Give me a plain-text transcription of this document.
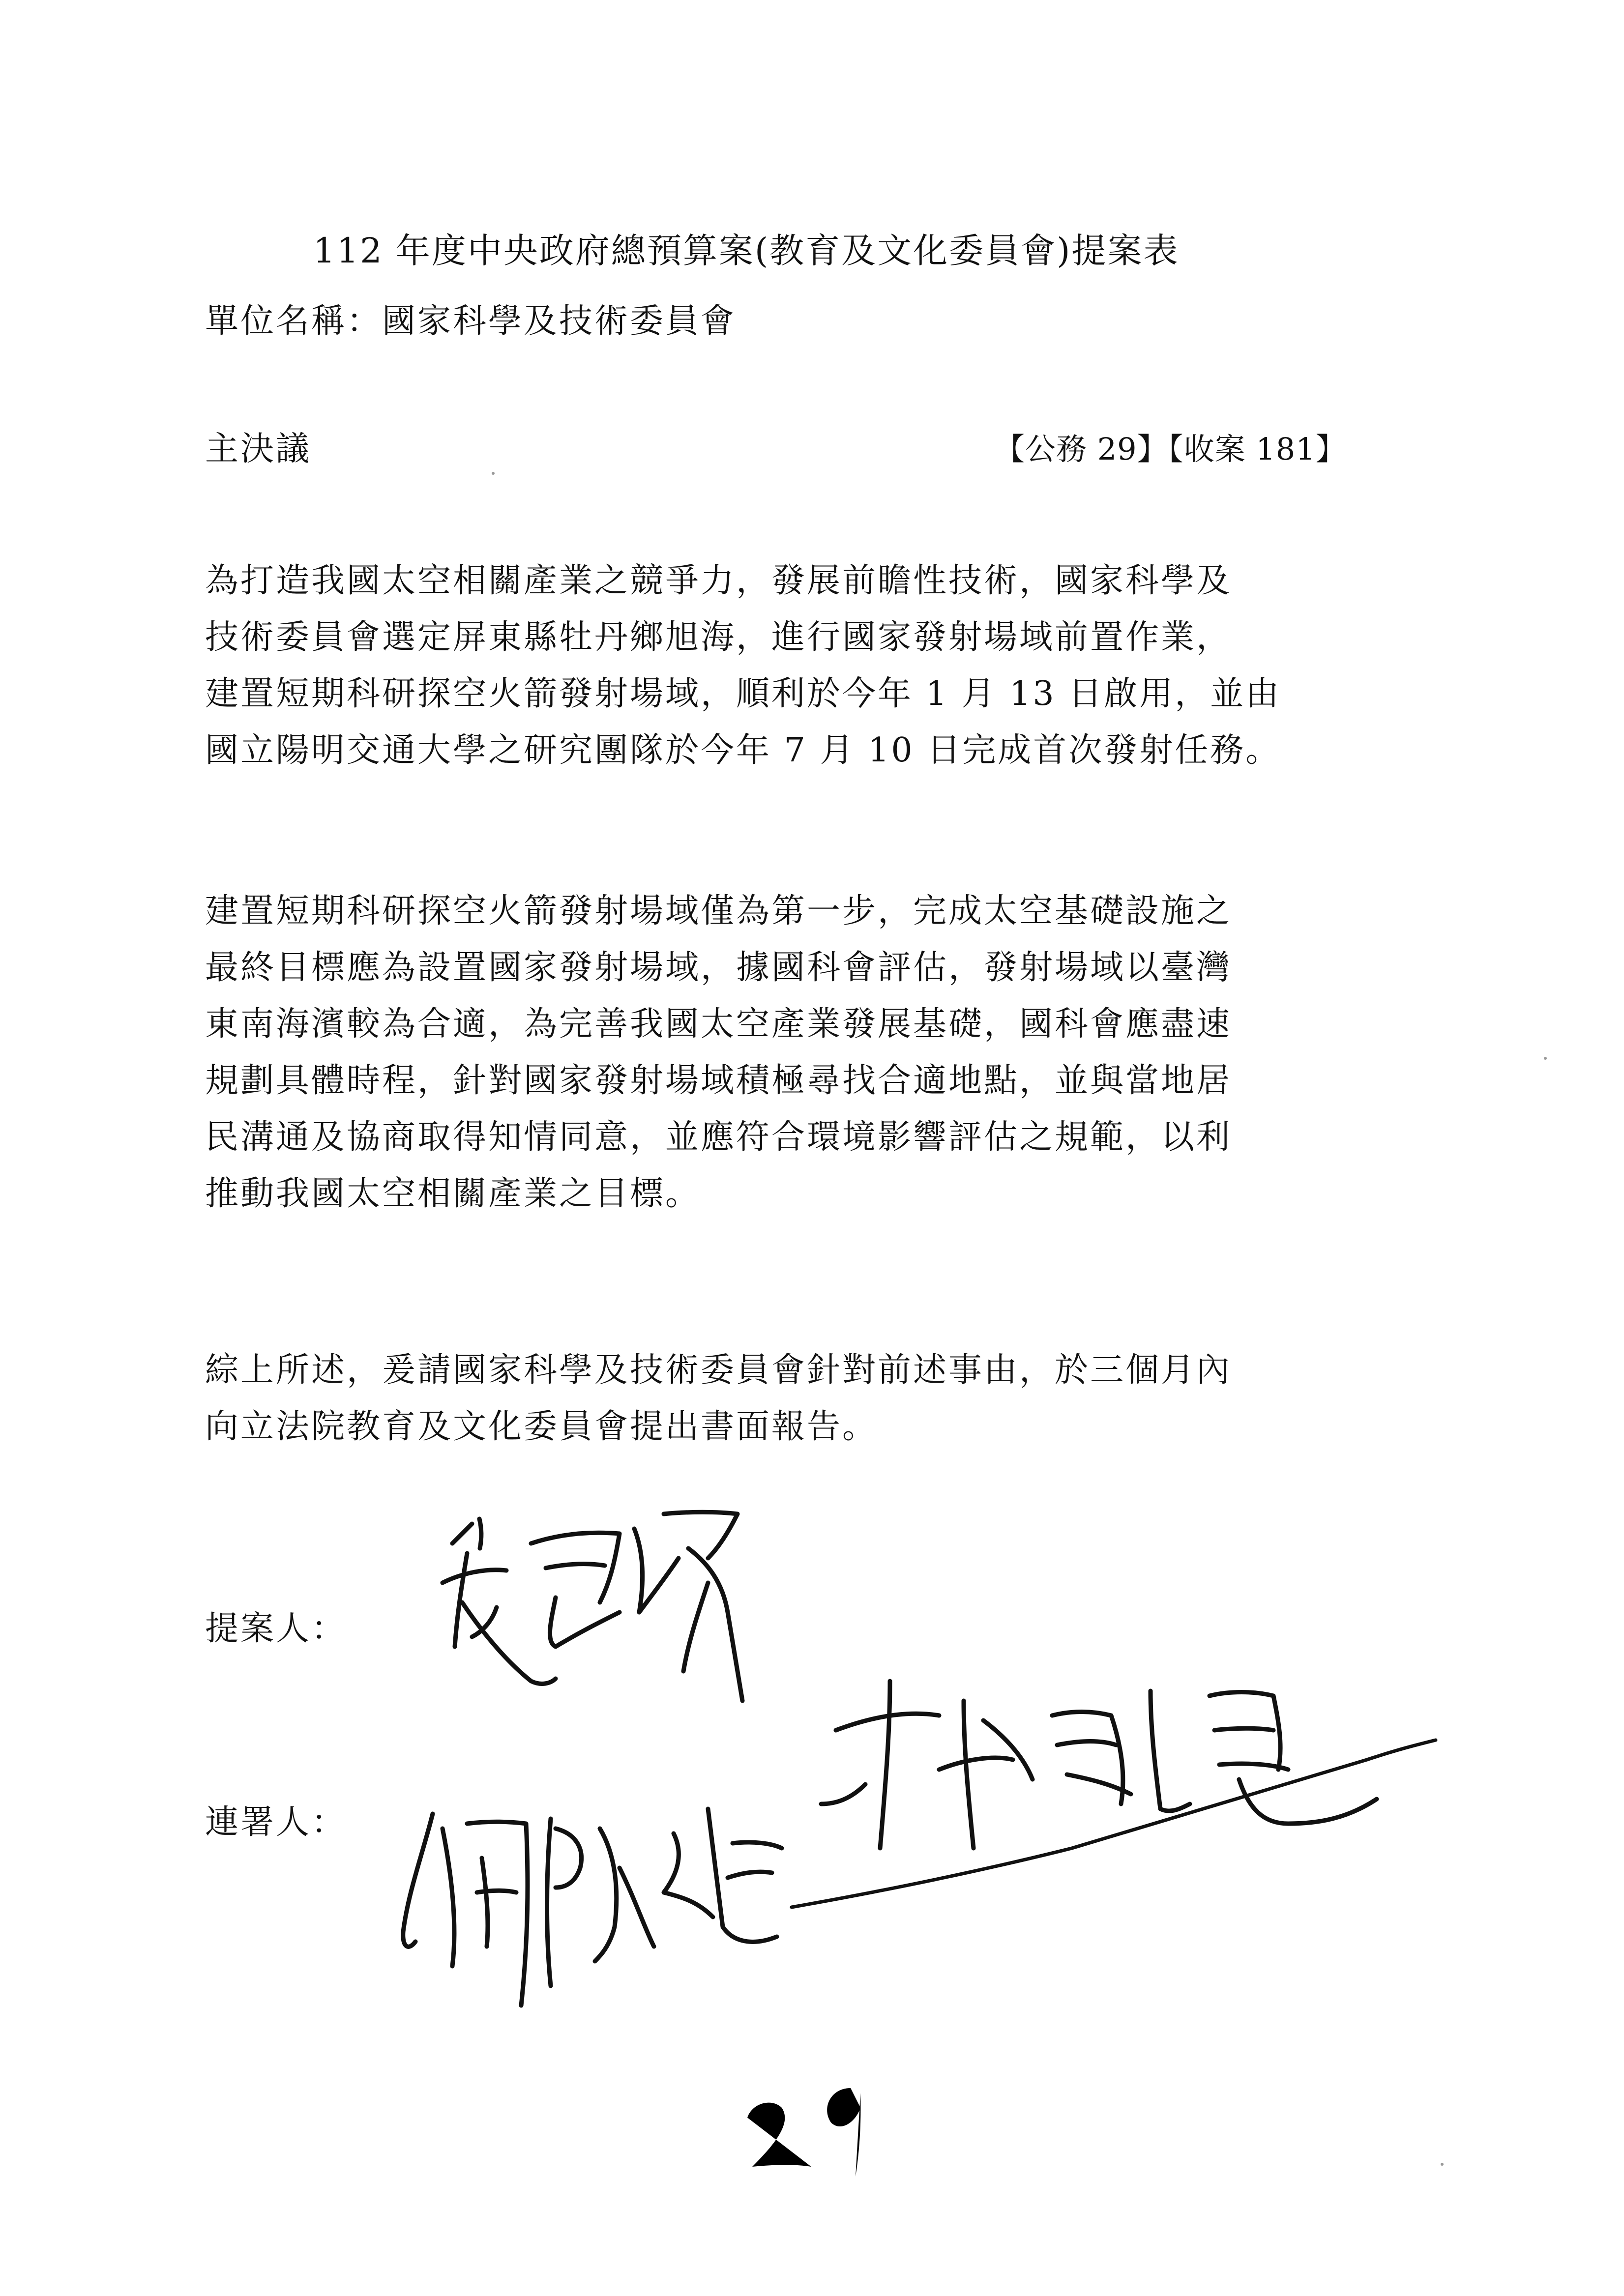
112 年度中央政府總預算案(教育及文化委員會)提案表
單位名稱：國家科學及技術委員會
主決議	【公務 29】【收案 181】
為打造我國太空相關產業之競爭力，發展前瞻性技術，國家科學及
技術委員會選定屏東縣牡丹鄉旭海，進行國家發射場域前置作業，
建置短期科研探空火箭發射場域，順利於今年 1 月 13 日啟用，並由
國立陽明交通大學之研究團隊於今年 7 月 10 日完成首次發射任務。
建置短期科研探空火箭發射場域僅為第一步，完成太空基礎設施之
最終目標應為設置國家發射場域，據國科會評估，發射場域以臺灣
東南海濱較為合適，為完善我國太空產業發展基礎，國科會應盡速
規劃具體時程，針對國家發射場域積極尋找合適地點，並與當地居
民溝通及協商取得知情同意，並應符合環境影響評估之規範，以利
推動我國太空相關產業之目標。
綜上所述，爰請國家科學及技術委員會針對前述事由，於三個月內
向立法院教育及文化委員會提出書面報告。
提案人：
連署人：
